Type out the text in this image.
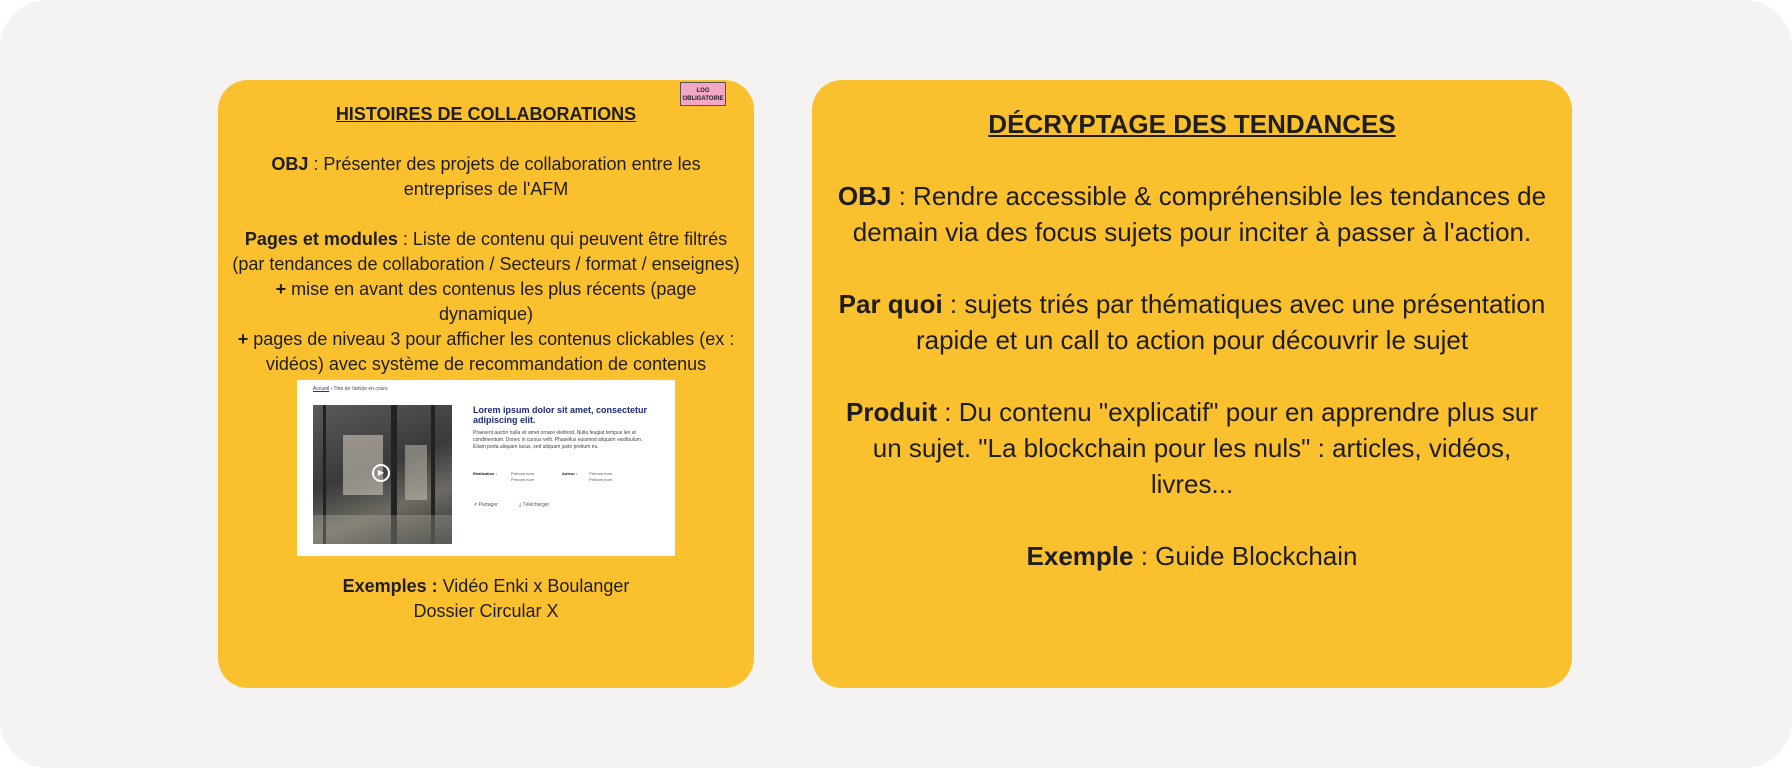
LOG OBLIGATOIRE

HISTOIRES DE COLLABORATIONS

OBJ : Présenter des projets de collaboration entre les entreprises de l'AFM

Pages et modules : Liste de contenu qui peuvent être filtrés (par tendances de collaboration / Secteurs / format / enseignes)

+ mise en avant des contenus les plus récents (page dynamique)

+ pages de niveau 3 pour afficher les contenus clickables (ex : vidéos) avec système de recommandation de contenus

Accueil › Titre de l'article en cours
▶
Lorem ipsum dolor sit amet, consectetur adipiscing elit.
Praesent auctor nulla sit amet ornare eleifend. Nulla feugiat tempus leo at condimentum. Donec in cursus velit. Phasellus euismod aliquam vestibulum. Etiam porta aliquam lacus, sed aliquam justo pretium eu.
Réalisation :	Prénom nom
Prénom nom
Auteur :	Prénom nom
Prénom nom
⇗ Partager	⤓ Télécharger

Exemples : Vidéo Enki x Boulanger

Dossier Circular X

DÉCRYPTAGE DES TENDANCES

OBJ : Rendre accessible & compréhensible les tendances de demain via des focus sujets pour inciter à passer à l'action.

Par quoi : sujets triés par thématiques avec une présentation rapide et un call to action pour découvrir le sujet

Produit : Du contenu "explicatif" pour en apprendre plus sur un sujet. "La blockchain pour les nuls" : articles, vidéos, livres...

Exemple : Guide Blockchain
